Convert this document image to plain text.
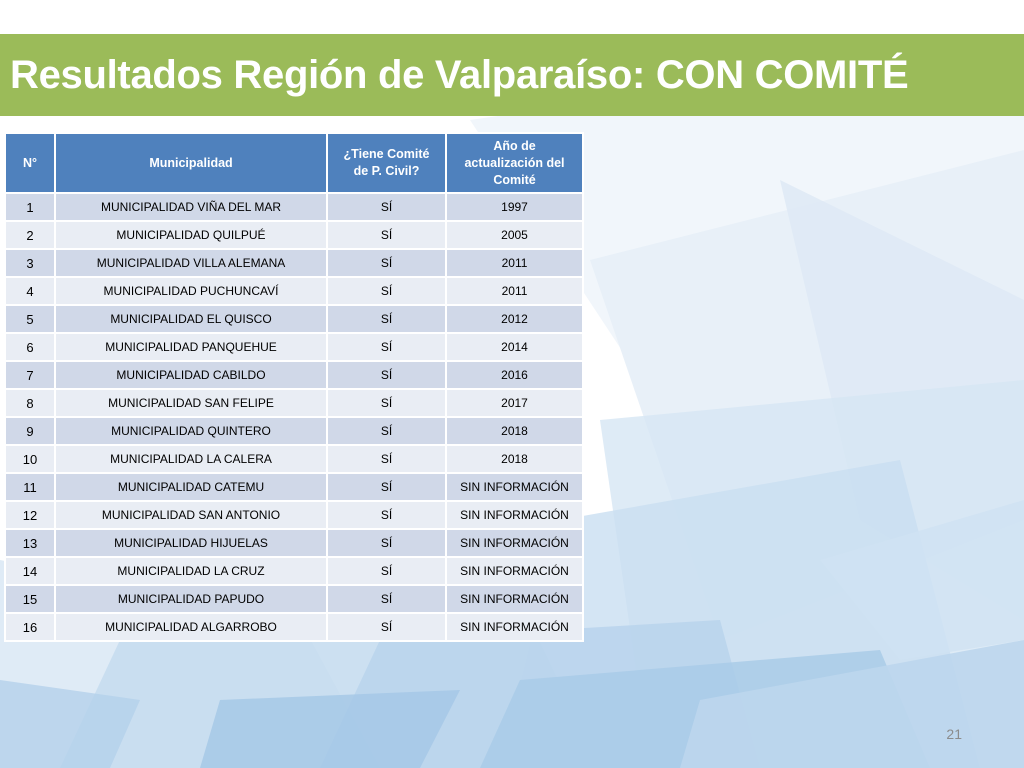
Resultados Región de Valparaíso: CON COMITÉ
N°	Municipalidad	¿Tiene Comité de P. Civil?	Año de actualización del Comité

1	MUNICIPALIDAD VIÑA DEL MAR	SÍ	1997
2	MUNICIPALIDAD QUILPUÉ	SÍ	2005
3	MUNICIPALIDAD VILLA ALEMANA	SÍ	2011
4	MUNICIPALIDAD PUCHUNCAVÍ	SÍ	2011
5	MUNICIPALIDAD EL QUISCO	SÍ	2012
6	MUNICIPALIDAD PANQUEHUE	SÍ	2014
7	MUNICIPALIDAD CABILDO	SÍ	2016
8	MUNICIPALIDAD SAN FELIPE	SÍ	2017
9	MUNICIPALIDAD QUINTERO	SÍ	2018
10	MUNICIPALIDAD LA CALERA	SÍ	2018
11	MUNICIPALIDAD CATEMU	SÍ	SIN INFORMACIÓN
12	MUNICIPALIDAD SAN ANTONIO	SÍ	SIN INFORMACIÓN
13	MUNICIPALIDAD HIJUELAS	SÍ	SIN INFORMACIÓN
14	MUNICIPALIDAD LA CRUZ	SÍ	SIN INFORMACIÓN
15	MUNICIPALIDAD PAPUDO	SÍ	SIN INFORMACIÓN
16	MUNICIPALIDAD ALGARROBO	SÍ	SIN INFORMACIÓN
21
